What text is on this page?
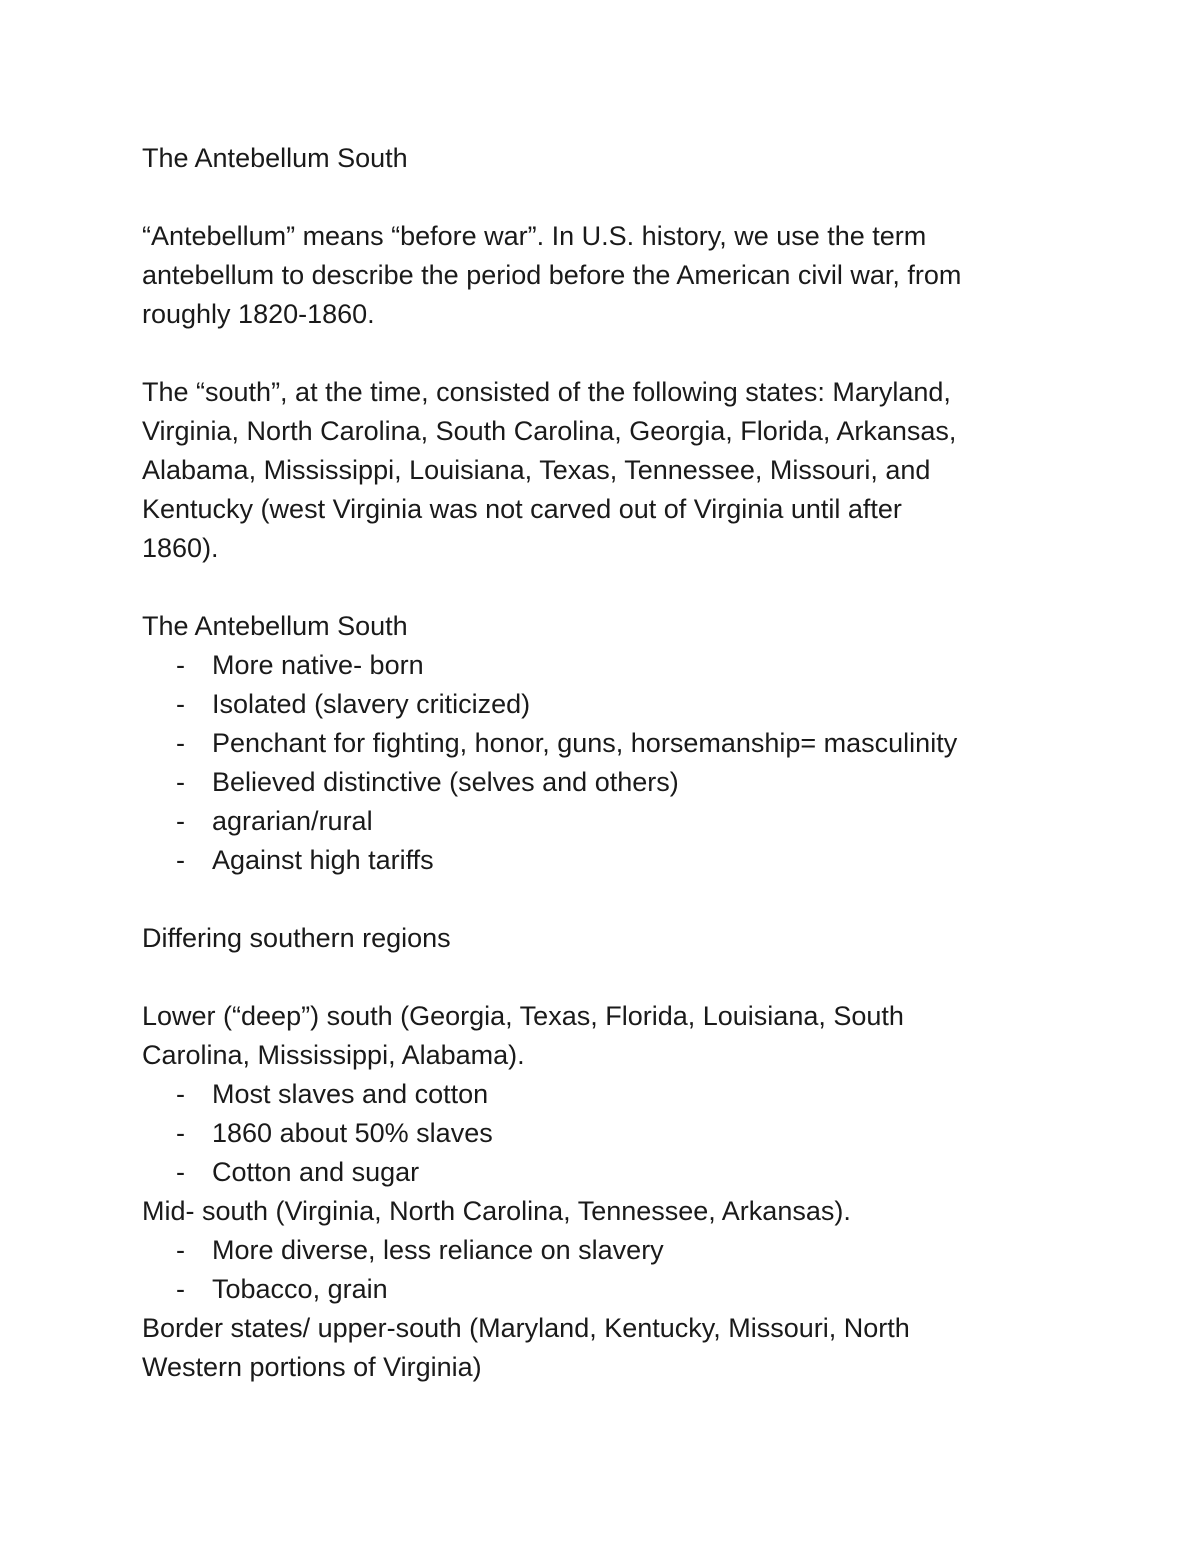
The Antebellum South

“Antebellum” means “before war”. In U.S. history, we use the term

antebellum to describe the period before the American civil war, from

roughly 1820-1860.

The “south”, at the time, consisted of the following states: Maryland,

Virginia, North Carolina, South Carolina, Georgia, Florida, Arkansas,

Alabama, Mississippi, Louisiana, Texas, Tennessee, Missouri, and

Kentucky (west Virginia was not carved out of Virginia until after

1860).

The Antebellum South

- More native- born
- Isolated (slavery criticized)
- Penchant for fighting, honor, guns, horsemanship= masculinity
- Believed distinctive (selves and others)
- agrarian/rural
- Against high tariffs

Differing southern regions

Lower (“deep”) south (Georgia, Texas, Florida, Louisiana, South

Carolina, Mississippi, Alabama).

- Most slaves and cotton
- 1860 about 50% slaves
- Cotton and sugar

Mid- south (Virginia, North Carolina, Tennessee, Arkansas).

- More diverse, less reliance on slavery
- Tobacco, grain

Border states/ upper-south (Maryland, Kentucky, Missouri, North

Western portions of Virginia)
